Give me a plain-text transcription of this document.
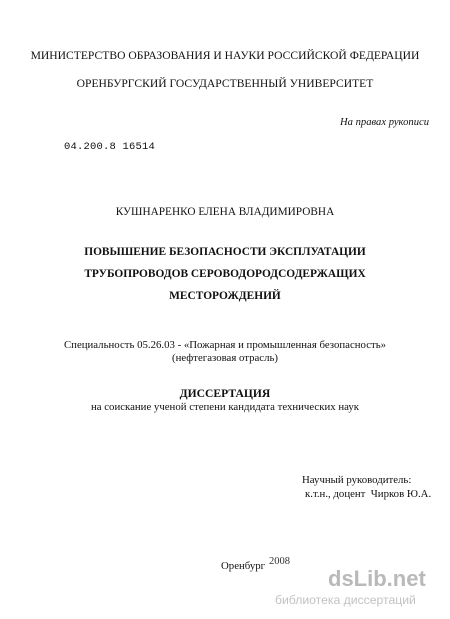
МИНИСТЕРСТВО ОБРАЗОВАНИЯ И НАУКИ РОССИЙСКОЙ ФЕДЕРАЦИИ
ОРЕНБУРГСКИЙ ГОСУДАРСТВЕННЫЙ УНИВЕРСИТЕТ
На правах рукописи
04.200.8 16514
КУШНАРЕНКО ЕЛЕНА ВЛАДИМИРОВНА
ПОВЫШЕНИЕ БЕЗОПАСНОСТИ ЭКСПЛУАТАЦИИ
ТРУБОПРОВОДОВ СЕРОВОДОРОДСОДЕРЖАЩИХ
МЕСТОРОЖДЕНИЙ
Специальность 05.26.03 - «Пожарная и промышленная безопасность»
(нефтегазовая отрасль)
ДИССЕРТАЦИЯ
на соискание ученой степени кандидата технических наук
Научный руководитель:
к.т.н., доцент  Чирков Ю.А.
Оренбург 2008
dsLib.net
библиотека диссертаций
